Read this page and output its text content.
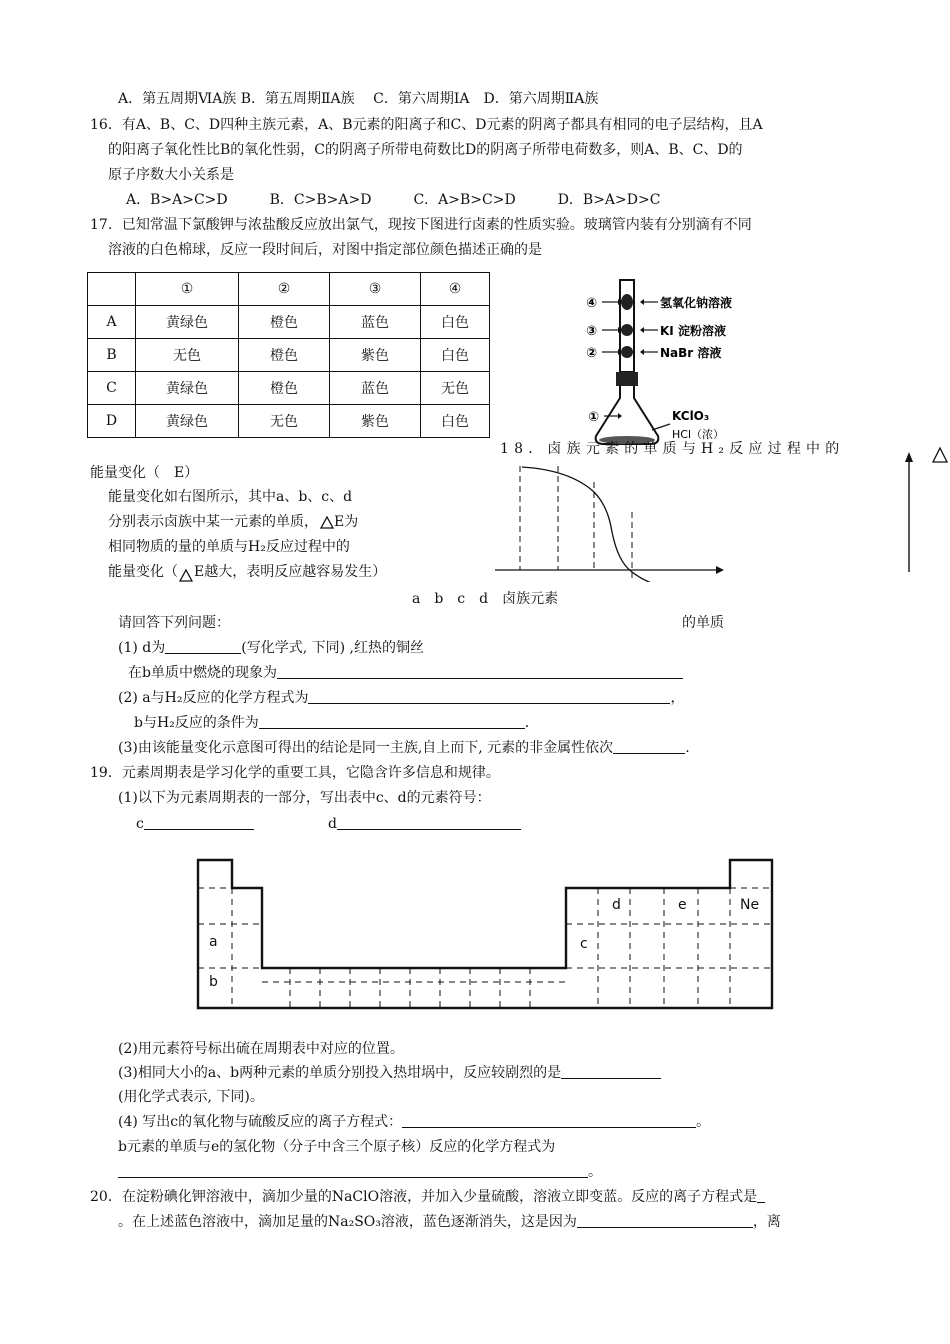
A．第五周期ⅥA族 B．第五周期ⅡA族　 C．第六周期ⅠA　D．第六周期ⅡA族
16．有A、B、C、D四种主族元素，A、B元素的阳离子和C、D元素的阴离子都具有相同的电子层结构，且A
的阳离子氧化性比B的氧化性弱，C的阴离子所带电荷数比D的阴离子所带电荷数多，则A、B、C、D的
原子序数大小关系是
A．B>A>C>D　　　B．C>B>A>D　　　C．A>B>C>D　　　D．B>A>D>C
17．已知常温下氯酸钾与浓盐酸反应放出氯气，现按下图进行卤素的性质实验。玻璃管内装有分别滴有不同
溶液的白色棉球，反应一段时间后，对图中指定部位颜色描述正确的是
	①	②	③	④
A	黄绿色	橙色	蓝色	白色
B	无色	橙色	紫色	白色
C	黄绿色	橙色	蓝色	无色
D	黄绿色	无色	紫色	白色
④
③
②
①
氢氧化钠溶液
KI 淀粉溶液
NaBr 溶液
KClO₃
HCl（浓）
18．卤族元素的单质与H₂反应过程中的
能量变化（　E）
能量变化如右图所示，其中a、b、c、d
分别表示卤族中某一元素的单质， E为
相同物质的量的单质与H₂反应过程中的
能量变化（ E越大，表明反应越容易发生）
a　b　c　d　卤族元素
的单质
请回答下列问题：
(1) d为	(写化学式, 下同) ,红热的铜丝
在b单质中燃烧的现象为
(2) a与H₂反应的化学方程式为	，
b与H₂反应的条件为	．
(3)由该能量变化示意图可得出的结论是同一主族,自上而下, 元素的非金属性依次	.
19．元素周期表是学习化学的重要工具，它隐含许多信息和规律。
(1)以下为元素周期表的一部分，写出表中c、d的元素符号：
c	d
a
b
c
d	e	Ne
(2)用元素符号标出硫在周期表中对应的位置。
(3)相同大小的a、b两种元素的单质分别投入热坩埚中，反应较剧烈的是
(用化学式表示, 下同)。
(4) 写出c的氧化物与硫酸反应的离子方程式：	。
b元素的单质与e的氢化物（分子中含三个原子核）反应的化学方程式为
。
20．在淀粉碘化钾溶液中，滴加少量的NaClO溶液，并加入少量硫酸，溶液立即变蓝。反应的离子方程式是
。在上述蓝色溶液中，滴加足量的Na₂SO₃溶液，蓝色逐渐消失，这是因为	，离
